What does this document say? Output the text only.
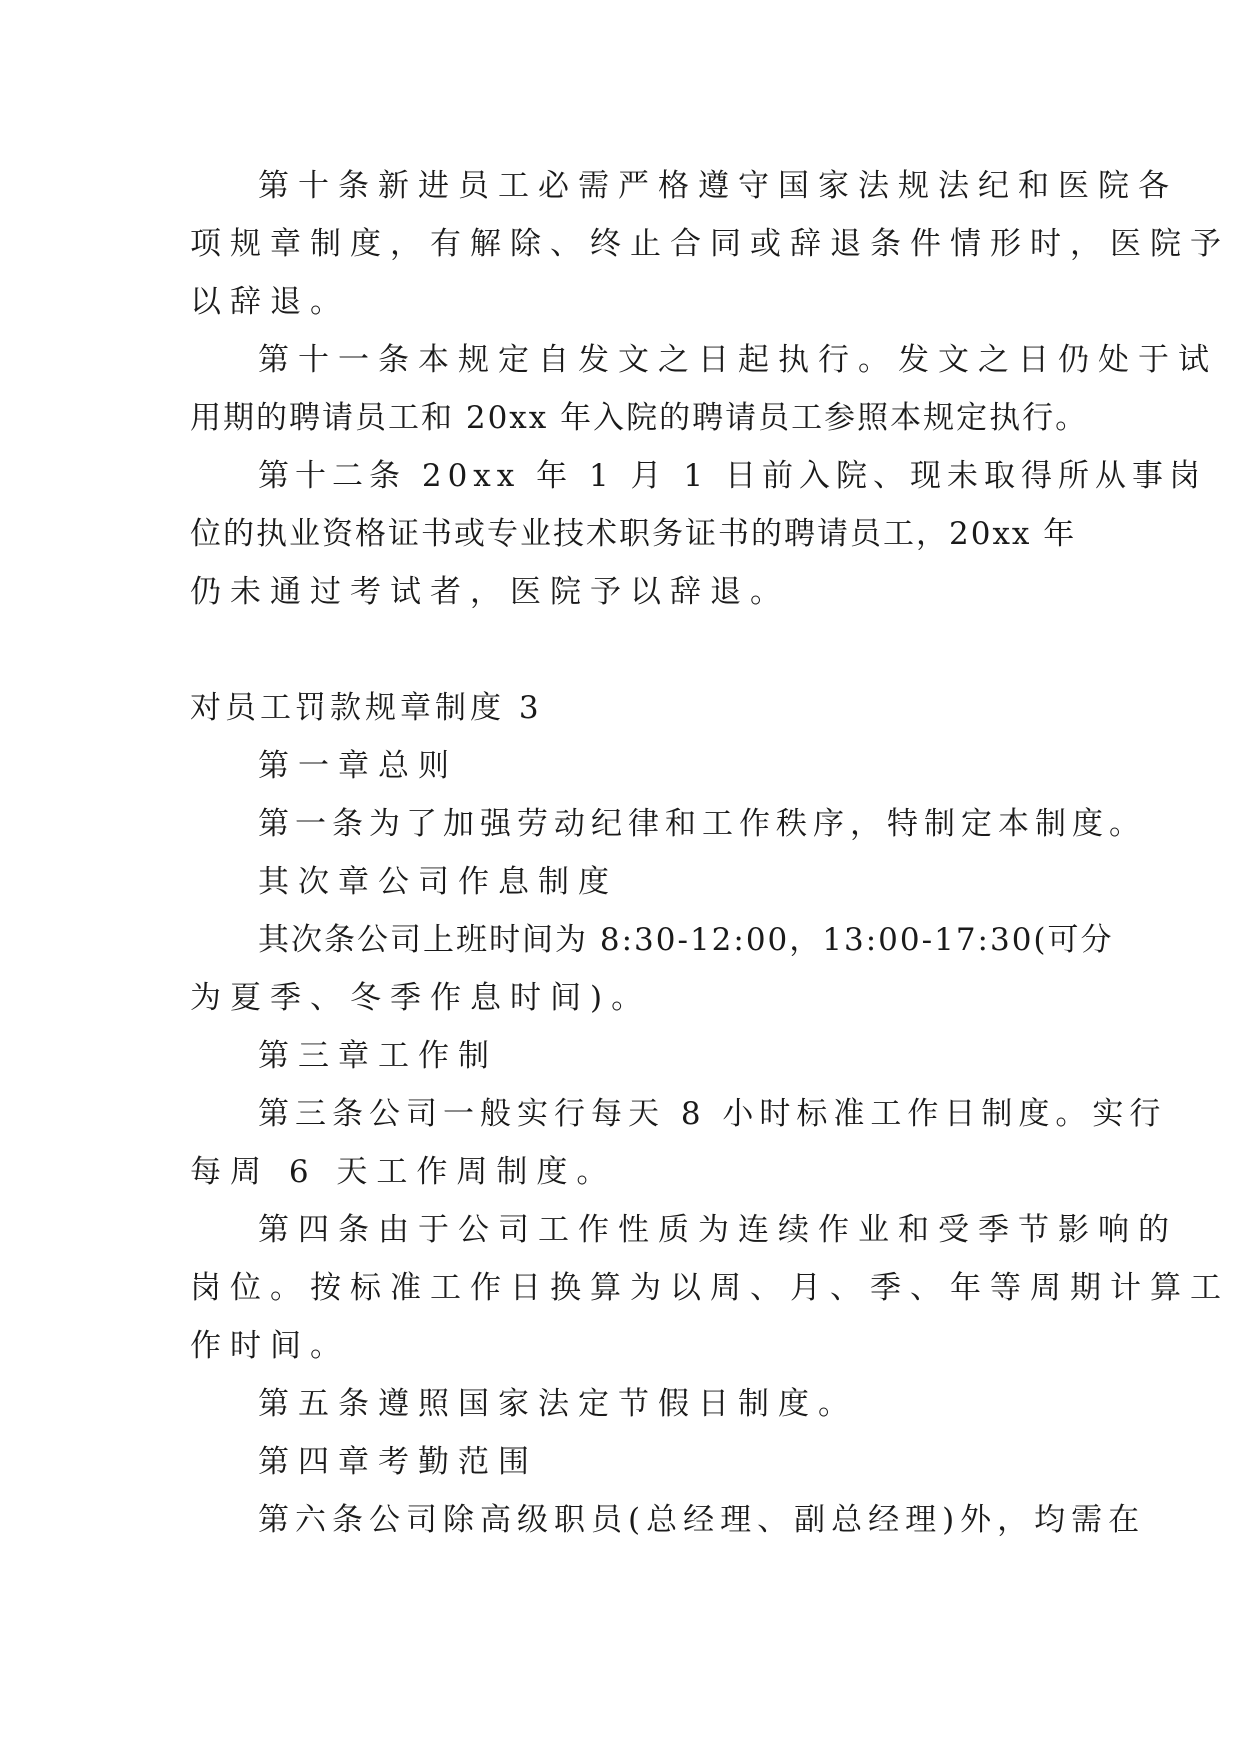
第十条新进员工必需严格遵守国家法规法纪和医院各
项规章制度，有解除、终止合同或辞退条件情形时，医院予
以辞退。
第十一条本规定自发文之日起执行。发文之日仍处于试
用期的聘请员工和 20xx 年入院的聘请员工参照本规定执行。
第十二条 20xx 年 1 月 1 日前入院、现未取得所从事岗
位的执业资格证书或专业技术职务证书的聘请员工，20xx 年
仍未通过考试者，医院予以辞退。
对员工罚款规章制度 3
第一章总则
第一条为了加强劳动纪律和工作秩序，特制定本制度。
其次章公司作息制度
其次条公司上班时间为 8:30-12:00，13:00-17:30(可分
为夏季、冬季作息时间)。
第三章工作制
第三条公司一般实行每天 8 小时标准工作日制度。实行
每周 6 天工作周制度。
第四条由于公司工作性质为连续作业和受季节影响的
岗位。按标准工作日换算为以周、月、季、年等周期计算工
作时间。
第五条遵照国家法定节假日制度。
第四章考勤范围
第六条公司除高级职员(总经理、副总经理)外，均需在
